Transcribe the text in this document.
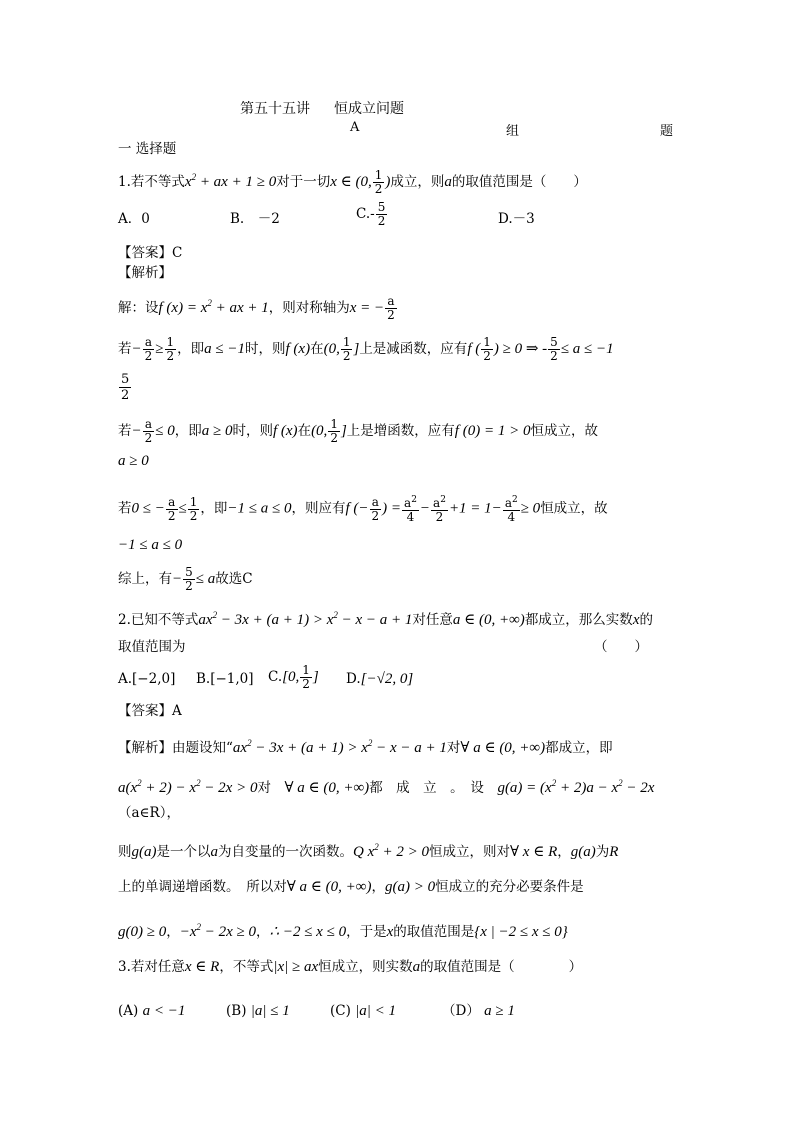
第五十五讲 恒成立问题
A	组	题
一 选择题
1.若不等式$x^2$ + ax + 1 ≥ 0对于一切x ∈ (0, $\frac{1}{2}$ )成立，则a的取值范围是（　　）
A．0	B.　－2	$C.- \frac{5}{2}$	D.－3
【答案】C
【解析】
解：设f $(x) = x^2$ + ax + 1，则对称轴为x = − $\frac{a}{2}$
若− $\frac{a}{2} \ge \frac{1}{2}$ ，即a ≤ −1时，则f (x)在(0, $\frac{1}{2}$ ]上是减函数，应有f ( $\frac{1}{2}$ ) ≥ 0 ⇒ - $\frac{5}{2} \le a \le -1$
$\frac{5}{2}$
若− $\frac{a}{2} \le 0$，即a ≥ 0时，则f (x)在(0, $\frac{1}{2}$ ]上是增函数，应有f (0) = 1 > 0恒成立，故
a ≥ 0
若0 ≤ − $\frac{a}{2} \le \frac{1}{2}$ ，即−1 ≤ a ≤ 0，则应有f (− $\frac{a}{2}$ ) = $\frac{a^2}{4} - \frac{a^2}{2} +1 = 1- \frac{a^2}{4} \ge 0$恒成立，故
−1 ≤ a ≤ 0
综上，有− $\frac{5}{2} \le a$故选C
2.已知不等式$ax^2 - 3x + (a + 1) > x^2 - x - a + 1$对任意a ∈ (0, +∞)都成立，那么实数x的
取值范围为	（　　）
A.[−2,0] B.[−1,0] C.[0, $\frac{1}{2}$ ] D.[−√2, 0]
【答案】A
【解析】由题设知“$ax^2 - 3x + (a + 1) > x^2 - x - a + 1$对∀ a ∈ (0, +∞)都成立，即
$a(x^2 + 2) - x^2 - 2x > 0$对　 ∀ a ∈ (0, +∞)都　成　立　。　设　 $g(a) = (x^2 + 2)a - x^2 - 2x$
（a∈R），
则g(a)是一个以a为自变量的一次函数。Q $x^2 + 2 > 0$恒成立，则对∀ x ∈ R，g(a)为R
上的单调递增函数。　所以对∀ a ∈ (0, +∞)，g(a) > 0恒成立的充分必要条件是
g(0) ≥ 0，$-x^2 - 2x \ge 0$，∴ −2 ≤ x ≤ 0，于是x的取值范围是{x | −2 ≤ x ≤ 0}
3.若对任意x ∈ R，不等式|x| ≥ ax恒成立，则实数a的取值范围是（　　　　）
(A) a < −1	(B) |a| ≤ 1	(C) |a| < 1	（D） a ≥ 1
